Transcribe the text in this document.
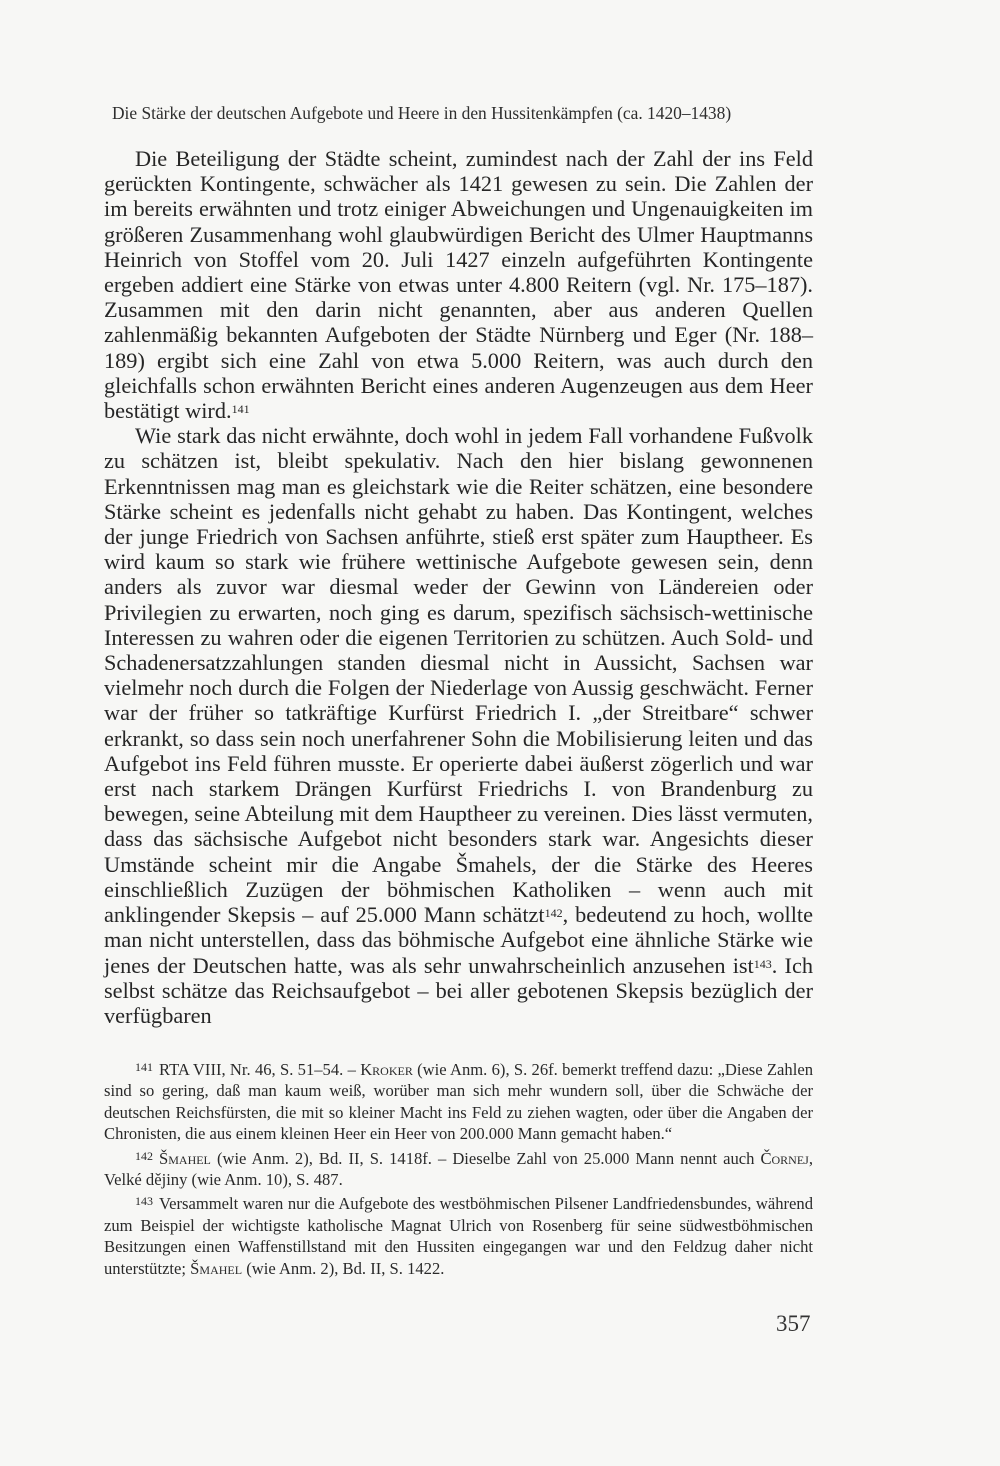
Die Stärke der deutschen Aufgebote und Heere in den Hussitenkämpfen (ca. 1420–1438)

Die Beteiligung der Städte scheint, zumindest nach der Zahl der ins Feld gerückten Kontingente, schwächer als 1421 gewesen zu sein. Die Zahlen der im bereits erwähnten und trotz einiger Abweichungen und Ungenauigkeiten im größeren Zusammenhang wohl glaubwürdigen Bericht des Ulmer Hauptmanns Heinrich von Stoffel vom 20. Juli 1427 einzeln aufgeführten Kontingente ergeben addiert eine Stärke von etwas unter 4.800 Reitern (vgl. Nr. 175–187). Zusammen mit den darin nicht genannten, aber aus anderen Quellen zahlenmäßig bekannten Aufgeboten der Städte Nürnberg und Eger (Nr. 188–189) ergibt sich eine Zahl von etwa 5.000 Reitern, was auch durch den gleichfalls schon erwähnten Bericht eines anderen Augenzeugen aus dem Heer bestätigt wird.$^{141}$

Wie stark das nicht erwähnte, doch wohl in jedem Fall vorhandene Fußvolk zu schätzen ist, bleibt spekulativ. Nach den hier bislang gewonnenen Erkenntnissen mag man es gleichstark wie die Reiter schätzen, eine besondere Stärke scheint es jedenfalls nicht gehabt zu haben. Das Kontingent, welches der junge Friedrich von Sachsen anführte, stieß erst später zum Hauptheer. Es wird kaum so stark wie frühere wettinische Aufgebote gewesen sein, denn anders als zuvor war diesmal weder der Gewinn von Ländereien oder Privilegien zu erwarten, noch ging es darum, spezifisch sächsisch-wettinische Interessen zu wahren oder die eigenen Territorien zu schützen. Auch Sold- und Schadenersatzzahlungen standen diesmal nicht in Aussicht, Sachsen war vielmehr noch durch die Folgen der Niederlage von Aussig geschwächt. Ferner war der früher so tatkräftige Kurfürst Friedrich I. „der Streitbare“ schwer erkrankt, so dass sein noch unerfahrener Sohn die Mobilisierung leiten und das Aufgebot ins Feld führen musste. Er operierte dabei äußerst zögerlich und war erst nach starkem Drängen Kurfürst Friedrichs I. von Brandenburg zu bewegen, seine Abteilung mit dem Hauptheer zu vereinen. Dies lässt vermuten, dass das sächsische Aufgebot nicht besonders stark war. Angesichts dieser Umstände scheint mir die Angabe Šmahels, der die Stärke des Heeres einschließlich Zuzügen der böhmischen Katholiken – wenn auch mit anklingender Skepsis – auf 25.000 Mann schätzt$^{142}$, bedeutend zu hoch, wollte man nicht unterstellen, dass das böhmische Aufgebot eine ähnliche Stärke wie jenes der Deutschen hatte, was als sehr unwahrscheinlich anzusehen ist$^{143}$. Ich selbst schätze das Reichsaufgebot – bei aller gebotenen Skepsis bezüglich der verfügbaren

$^{141}$ RTA VIII, Nr. 46, S. 51–54. – Kroker (wie Anm. 6), S. 26f. bemerkt treffend dazu: „Diese Zahlen sind so gering, daß man kaum weiß, worüber man sich mehr wundern soll, über die Schwäche der deutschen Reichsfürsten, die mit so kleiner Macht ins Feld zu ziehen wagten, oder über die Angaben der Chronisten, die aus einem kleinen Heer ein Heer von 200.000 Mann gemacht haben.“

$^{142}$ Šmahel (wie Anm. 2), Bd. II, S. 1418f. – Dieselbe Zahl von 25.000 Mann nennt auch Čornej, Velké dějiny (wie Anm. 10), S. 487.

$^{143}$ Versammelt waren nur die Aufgebote des westböhmischen Pilsener Landfriedensbundes, während zum Beispiel der wichtigste katholische Magnat Ulrich von Rosenberg für seine südwestböhmischen Besitzungen einen Waffenstillstand mit den Hussiten eingegangen war und den Feldzug daher nicht unterstützte; Šmahel (wie Anm. 2), Bd. II, S. 1422.

357
